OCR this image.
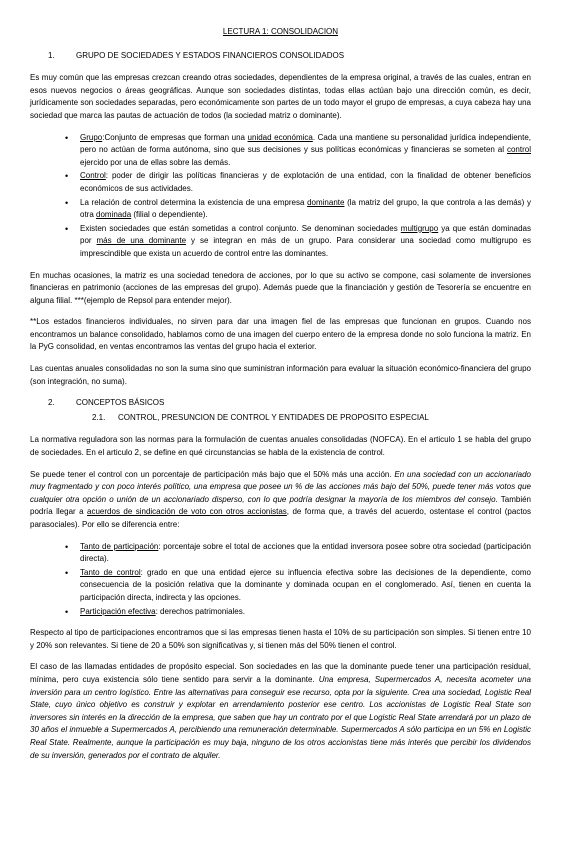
LECTURA 1: CONSOLIDACION
1.	GRUPO DE SOCIEDADES Y ESTADOS FINANCIEROS CONSOLIDADOS
Es muy común que las empresas crezcan creando otras sociedades, dependientes de la empresa original, a través de las cuales, entran en esos nuevos negocios o áreas geográficas. Aunque son sociedades distintas, todas ellas actúan bajo una dirección común, es decir, jurídicamente son sociedades separadas, pero económicamente son partes de un todo mayor el grupo de empresas, a cuya cabeza hay una sociedad que marca las pautas de actuación de todos (la sociedad matriz o dominante).
• Grupo:Conjunto de empresas que forman una unidad económica. Cada una mantiene su personalidad jurídica independiente, pero no actúan de forma autónoma, sino que sus decisiones y sus políticas económicas y financieras se someten al control ejercido por una de ellas sobre las demás.
• Control: poder de dirigir las políticas financieras y de explotación de una entidad, con la finalidad de obtener beneficios económicos de sus actividades.
• La relación de control determina la existencia de una empresa dominante (la matriz del grupo, la que controla a las demás) y otra dominada (filial o dependiente).
• Existen sociedades que están sometidas a control conjunto. Se denominan sociedades multigrupo ya que están dominadas por más de una dominante y se integran en más de un grupo. Para considerar una sociedad como multigrupo es imprescindible que exista un acuerdo de control entre las dominantes.
En muchas ocasiones, la matriz es una sociedad tenedora de acciones, por lo que su activo se compone, casi solamente de inversiones financieras en patrimonio (acciones de las empresas del grupo). Además puede que la financiación y gestión de Tesorería se encuentre en alguna filial. ***(ejemplo de Repsol para entender mejor).
**Los estados financieros individuales, no sirven para dar una imagen fiel de las empresas que funcionan en grupos. Cuando nos encontramos un balance consolidado, hablamos como de una imagen del cuerpo entero de la empresa donde no solo funciona la matriz. En la PyG consolidad, en ventas encontramos las ventas del grupo hacia el exterior.
Las cuentas anuales consolidadas no son la suma sino que suministran información para evaluar la situación económico-financiera del grupo (son integración, no suma).
2.	CONCEPTOS BÁSICOS
2.1. CONTROL, PRESUNCION DE CONTROL Y ENTIDADES DE PROPOSITO ESPECIAL
La normativa reguladora son las normas para la formulación de cuentas anuales consolidadas (NOFCA). En el articulo 1 se habla del grupo de sociedades. En el articulo 2, se define en qué circunstancias se habla de la existencia de control.
Se puede tener el control con un porcentaje de participación más bajo que el 50% más una acción. En una sociedad con un accionariado muy fragmentado y con poco interés político, una empresa que posee un % de las acciones más bajo del 50%, puede tener más votos que cualquier otra opción o unión de un accionariado disperso, con lo que podría designar la mayoría de los miembros del consejo. También podría llegar a acuerdos de sindicación de voto con otros accionistas, de forma que, a través del acuerdo, ostentase el control (pactos parasociales). Por ello se diferencia entre:
• Tanto de participación: porcentaje sobre el total de acciones que la entidad inversora posee sobre otra sociedad (participación directa).
• Tanto de control: grado en que una entidad ejerce su influencia efectiva sobre las decisiones de la dependiente, como consecuencia de la posición relativa que la dominante y dominada ocupan en el conglomerado. Así, tienen en cuenta la participación directa, indirecta y las opciones.
• Participación efectiva: derechos patrimoniales.
Respecto al tipo de participaciones encontramos que si las empresas tienen hasta el 10% de su participación son simples. Si tienen entre 10 y 20% son relevantes. Si tiene de 20 a 50% son significativas y, si tienen más del 50% tienen el control.
El caso de las llamadas entidades de propósito especial. Son sociedades en las que la dominante puede tener una participación residual, mínima, pero cuya existencia sólo tiene sentido para servir a la dominante. Una empresa, Supermercados A, necesita acometer una inversión para un centro logístico. Entre las alternativas para conseguir ese recurso, opta por la siguiente. Crea una sociedad, Logistic Real State, cuyo único objetivo es construir y explotar en arrendamiento posterior ese centro. Los accionistas de Logistic Real State son inversores sin interés en la dirección de la empresa, que saben que hay un contrato por el que Logistic Real State arrendará por un plazo de 30 años el inmueble a Supermercados A, percibiendo una remuneración determinable. Supermercados A sólo participa en un 5% en Logistic Real State. Realmente, aunque la participación es muy baja, ninguno de los otros accionistas tiene más interés que percibir los dividendos de su inversión, generados por el contrato de alquiler.
